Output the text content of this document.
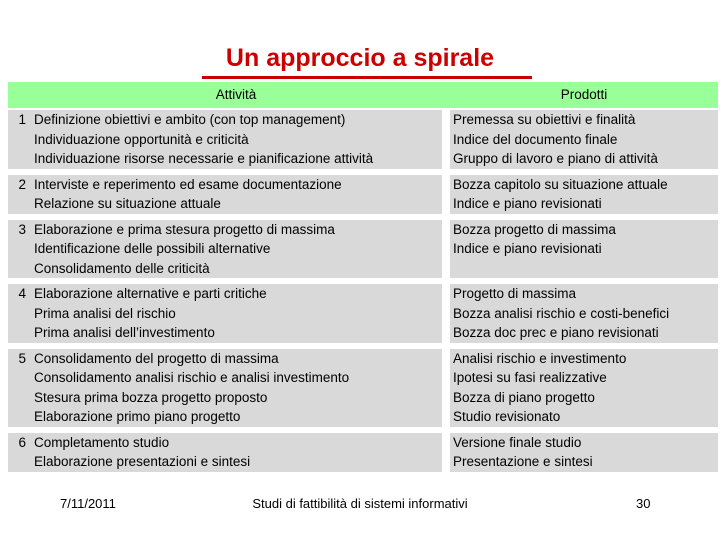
Un approccio a spirale
	Attività		Prodotti
1	Definizione obiettivi e ambito (con top management)
Individuazione opportunità e criticità
Individuazione risorse necessarie e pianificazione attività		Premessa su obiettivi e finalità
Indice del documento finale
Gruppo di lavoro e piano di attività

2	Interviste e reperimento ed esame documentazione
Relazione su situazione attuale		Bozza capitolo su situazione attuale
Indice e piano revisionati

3	Elaborazione e prima stesura progetto di massima
Identificazione delle possibili alternative
Consolidamento delle criticità		Bozza progetto di massima
Indice e piano revisionati

4	Elaborazione alternative e parti critiche
Prima analisi del rischio
Prima analisi dell’investimento		Progetto di massima
Bozza analisi rischio e costi-benefici
Bozza doc prec e piano revisionati

5	Consolidamento del progetto di massima
Consolidamento analisi rischio e analisi investimento
Stesura prima bozza progetto proposto
Elaborazione primo piano progetto		Analisi rischio e investimento
Ipotesi su fasi realizzative
Bozza di piano progetto
Studio revisionato

6	Completamento studio
Elaborazione presentazioni e sintesi		Versione finale studio
Presentazione e sintesi
7/11/2011	Studi di fattibilità di sistemi informativi	30
